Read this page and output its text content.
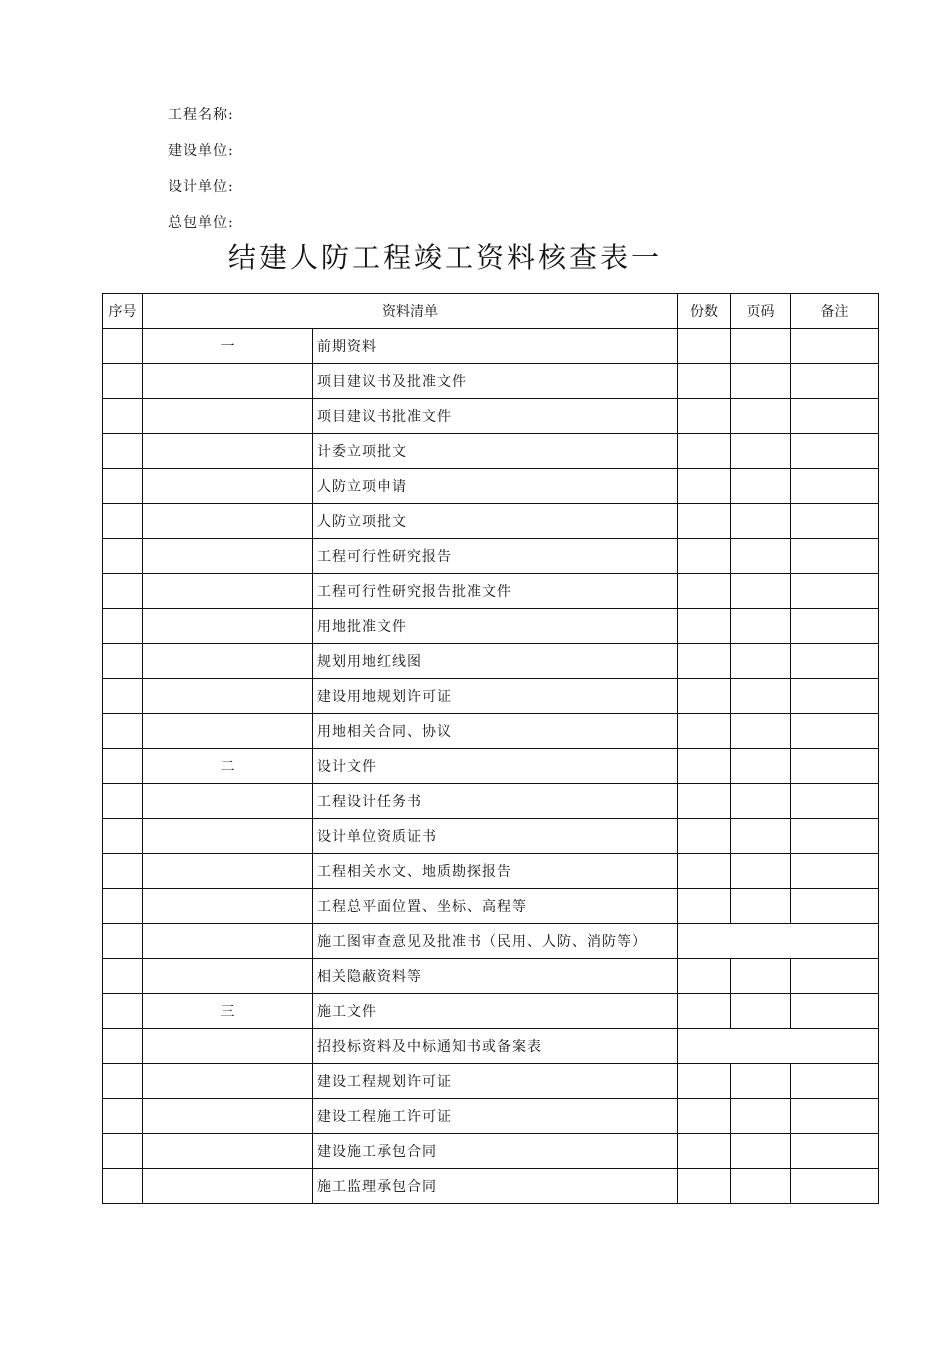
工程名称:
建设单位:
设计单位:
总包单位:
结建人防工程竣工资料核查表一
序号	资料清单		份数	页码	备注
	一	前期资料			
		项目建议书及批准文件			
		项目建议书批准文件			
		计委立项批文			
		人防立项申请			
		人防立项批文			
		工程可行性研究报告			
		工程可行性研究报告批准文件			
		用地批准文件			
		规划用地红线图			
		建设用地规划许可证			
		用地相关合同、协议			
	二	设计文件			
		工程设计任务书			
		设计单位资质证书			
		工程相关水文、地质勘探报告			
		工程总平面位置、坐标、高程等			
		施工图审查意见及批准书（民用、人防、消防等）			
		相关隐蔽资料等			
	三	施工文件			
		招投标资料及中标通知书或备案表			
		建设工程规划许可证			
		建设工程施工许可证			
		建设施工承包合同			
		施工监理承包合同			
